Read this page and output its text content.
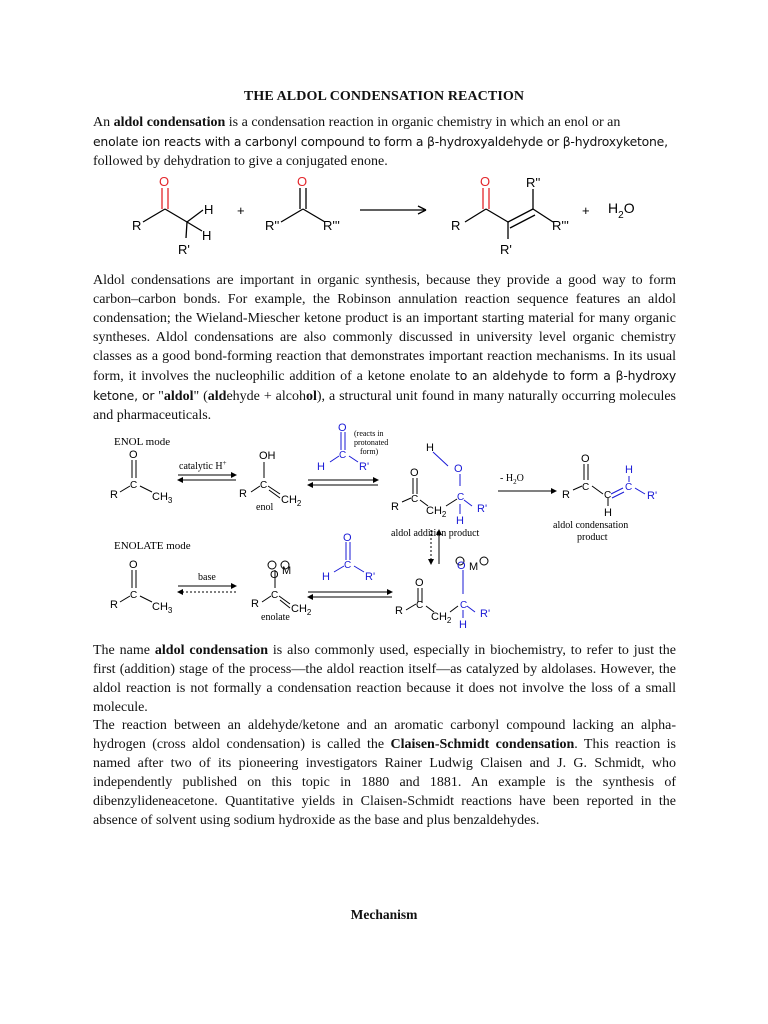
THE ALDOL CONDENSATION REACTION

An aldol condensation is a condensation reaction in organic chemistry in which an enol or an
enolate ion reacts with a carbonyl compound to form a β-hydroxyaldehyde or β-hydroxyketone,
followed by dehydration to give a conjugated enone.

O
R
H
H
R'
+
O
R''	R'''
O
R
R''
R'''
R'
+ $H_2O$

Aldol condensations are important in organic synthesis, because they provide a good way to form carbon–carbon bonds. For example, the Robinson annulation reaction sequence features an aldol condensation; the Wieland-Miescher ketone product is an important starting material for many organic syntheses. Aldol condensations are also commonly discussed in university level organic chemistry classes as a good bond-forming reaction that demonstrates important reaction mechanisms. In its usual form, it involves the nucleophilic addition of a ketone enolate to an aldehyde to form a β-hydroxy ketone, or "aldol" (aldehyde + alcohol), a structural unit found in many naturally occurring molecules and pharmaceuticals.

ENOL mode
O
C
R	$CH_3$
catalytic H+
OH
C
R	$CH_2$
enol
O
C
H	R'
(reacts in
protonated
form)	H
O
O
C
R $CH_2$
C
R'
H
aldol addition product
- $H_2O$
O
C
R	C
H
C
H
R'
aldol condensation
product
ENOLATE mode
O
C
R	$CH_3$
base	O M
C
R	$CH_2$
enolate
O
C
H	R'
O M
O
C
R	$CH_2$
C
R'
H

The name aldol condensation is also commonly used, especially in biochemistry, to refer to just the first (addition) stage of the process—the aldol reaction itself—as catalyzed by aldolases. However, the aldol reaction is not formally a condensation reaction because it does not involve the loss of a small molecule.

The reaction between an aldehyde/ketone and an aromatic carbonyl compound lacking an alpha-hydrogen (cross aldol condensation) is called the Claisen-Schmidt condensation. This reaction is named after two of its pioneering investigators Rainer Ludwig Claisen and J. G. Schmidt, who independently published on this topic in 1880 and 1881. An example is the synthesis of dibenzylideneacetone. Quantitative yields in Claisen-Schmidt reactions have been reported in the absence of solvent using sodium hydroxide as the base and plus benzaldehydes.

Mechanism
